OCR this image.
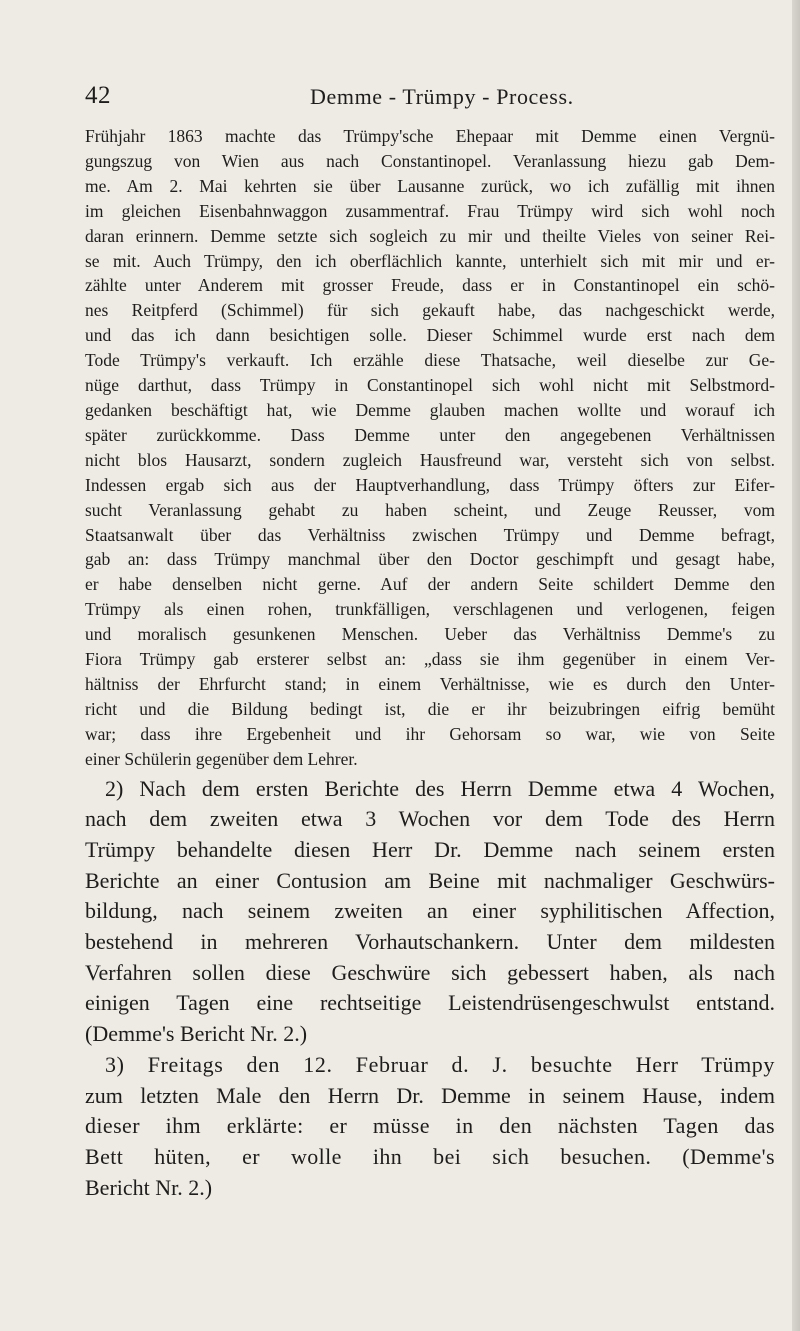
42	Demme - Trümpy - Process.
Frühjahr 1863 machte das Trümpy'sche Ehepaar mit Demme einen Vergnü-
gungszug von Wien aus nach Constantinopel. Veranlassung hiezu gab Dem-
me. Am 2. Mai kehrten sie über Lausanne zurück, wo ich zufällig mit ihnen
im gleichen Eisenbahnwaggon zusammentraf. Frau Trümpy wird sich wohl noch
daran erinnern. Demme setzte sich sogleich zu mir und theilte Vieles von seiner Rei-
se mit. Auch Trümpy, den ich oberflächlich kannte, unterhielt sich mit mir und er-
zählte unter Anderem mit grosser Freude, dass er in Constantinopel ein schö-
nes Reitpferd (Schimmel) für sich gekauft habe, das nachgeschickt werde,
und das ich dann besichtigen solle. Dieser Schimmel wurde erst nach dem
Tode Trümpy's verkauft. Ich erzähle diese Thatsache, weil dieselbe zur Ge-
nüge darthut, dass Trümpy in Constantinopel sich wohl nicht mit Selbstmord-
gedanken beschäftigt hat, wie Demme glauben machen wollte und worauf ich
später zurückkomme. Dass Demme unter den angegebenen Verhältnissen
nicht blos Hausarzt, sondern zugleich Hausfreund war, versteht sich von selbst.
Indessen ergab sich aus der Hauptverhandlung, dass Trümpy öfters zur Eifer-
sucht Veranlassung gehabt zu haben scheint, und Zeuge Reusser, vom
Staatsanwalt über das Verhältniss zwischen Trümpy und Demme befragt,
gab an: dass Trümpy manchmal über den Doctor geschimpft und gesagt habe,
er habe denselben nicht gerne. Auf der andern Seite schildert Demme den
Trümpy als einen rohen, trunkfälligen, verschlagenen und verlogenen, feigen
und moralisch gesunkenen Menschen. Ueber das Verhältniss Demme's zu
Fiora Trümpy gab ersterer selbst an: „dass sie ihm gegenüber in einem Ver-
hältniss der Ehrfurcht stand; in einem Verhältnisse, wie es durch den Unter-
richt und die Bildung bedingt ist, die er ihr beizubringen eifrig bemüht
war; dass ihre Ergebenheit und ihr Gehorsam so war, wie von Seite
einer Schülerin gegenüber dem Lehrer.
2) Nach dem ersten Berichte des Herrn Demme etwa 4 Wochen,
nach dem zweiten etwa 3 Wochen vor dem Tode des Herrn
Trümpy behandelte diesen Herr Dr. Demme nach seinem ersten
Berichte an einer Contusion am Beine mit nachmaliger Geschwürs-
bildung, nach seinem zweiten an einer syphilitischen Affection,
bestehend in mehreren Vorhautschankern. Unter dem mildesten
Verfahren sollen diese Geschwüre sich gebessert haben, als nach
einigen Tagen eine rechtseitige Leistendrüsengeschwulst entstand.
(Demme's Bericht Nr. 2.)
3) Freitags den 12. Februar d. J. besuchte Herr Trümpy
zum letzten Male den Herrn Dr. Demme in seinem Hause, indem
dieser ihm erklärte: er müsse in den nächsten Tagen das
Bett hüten, er wolle ihn bei sich besuchen. (Demme's
Bericht Nr. 2.)
